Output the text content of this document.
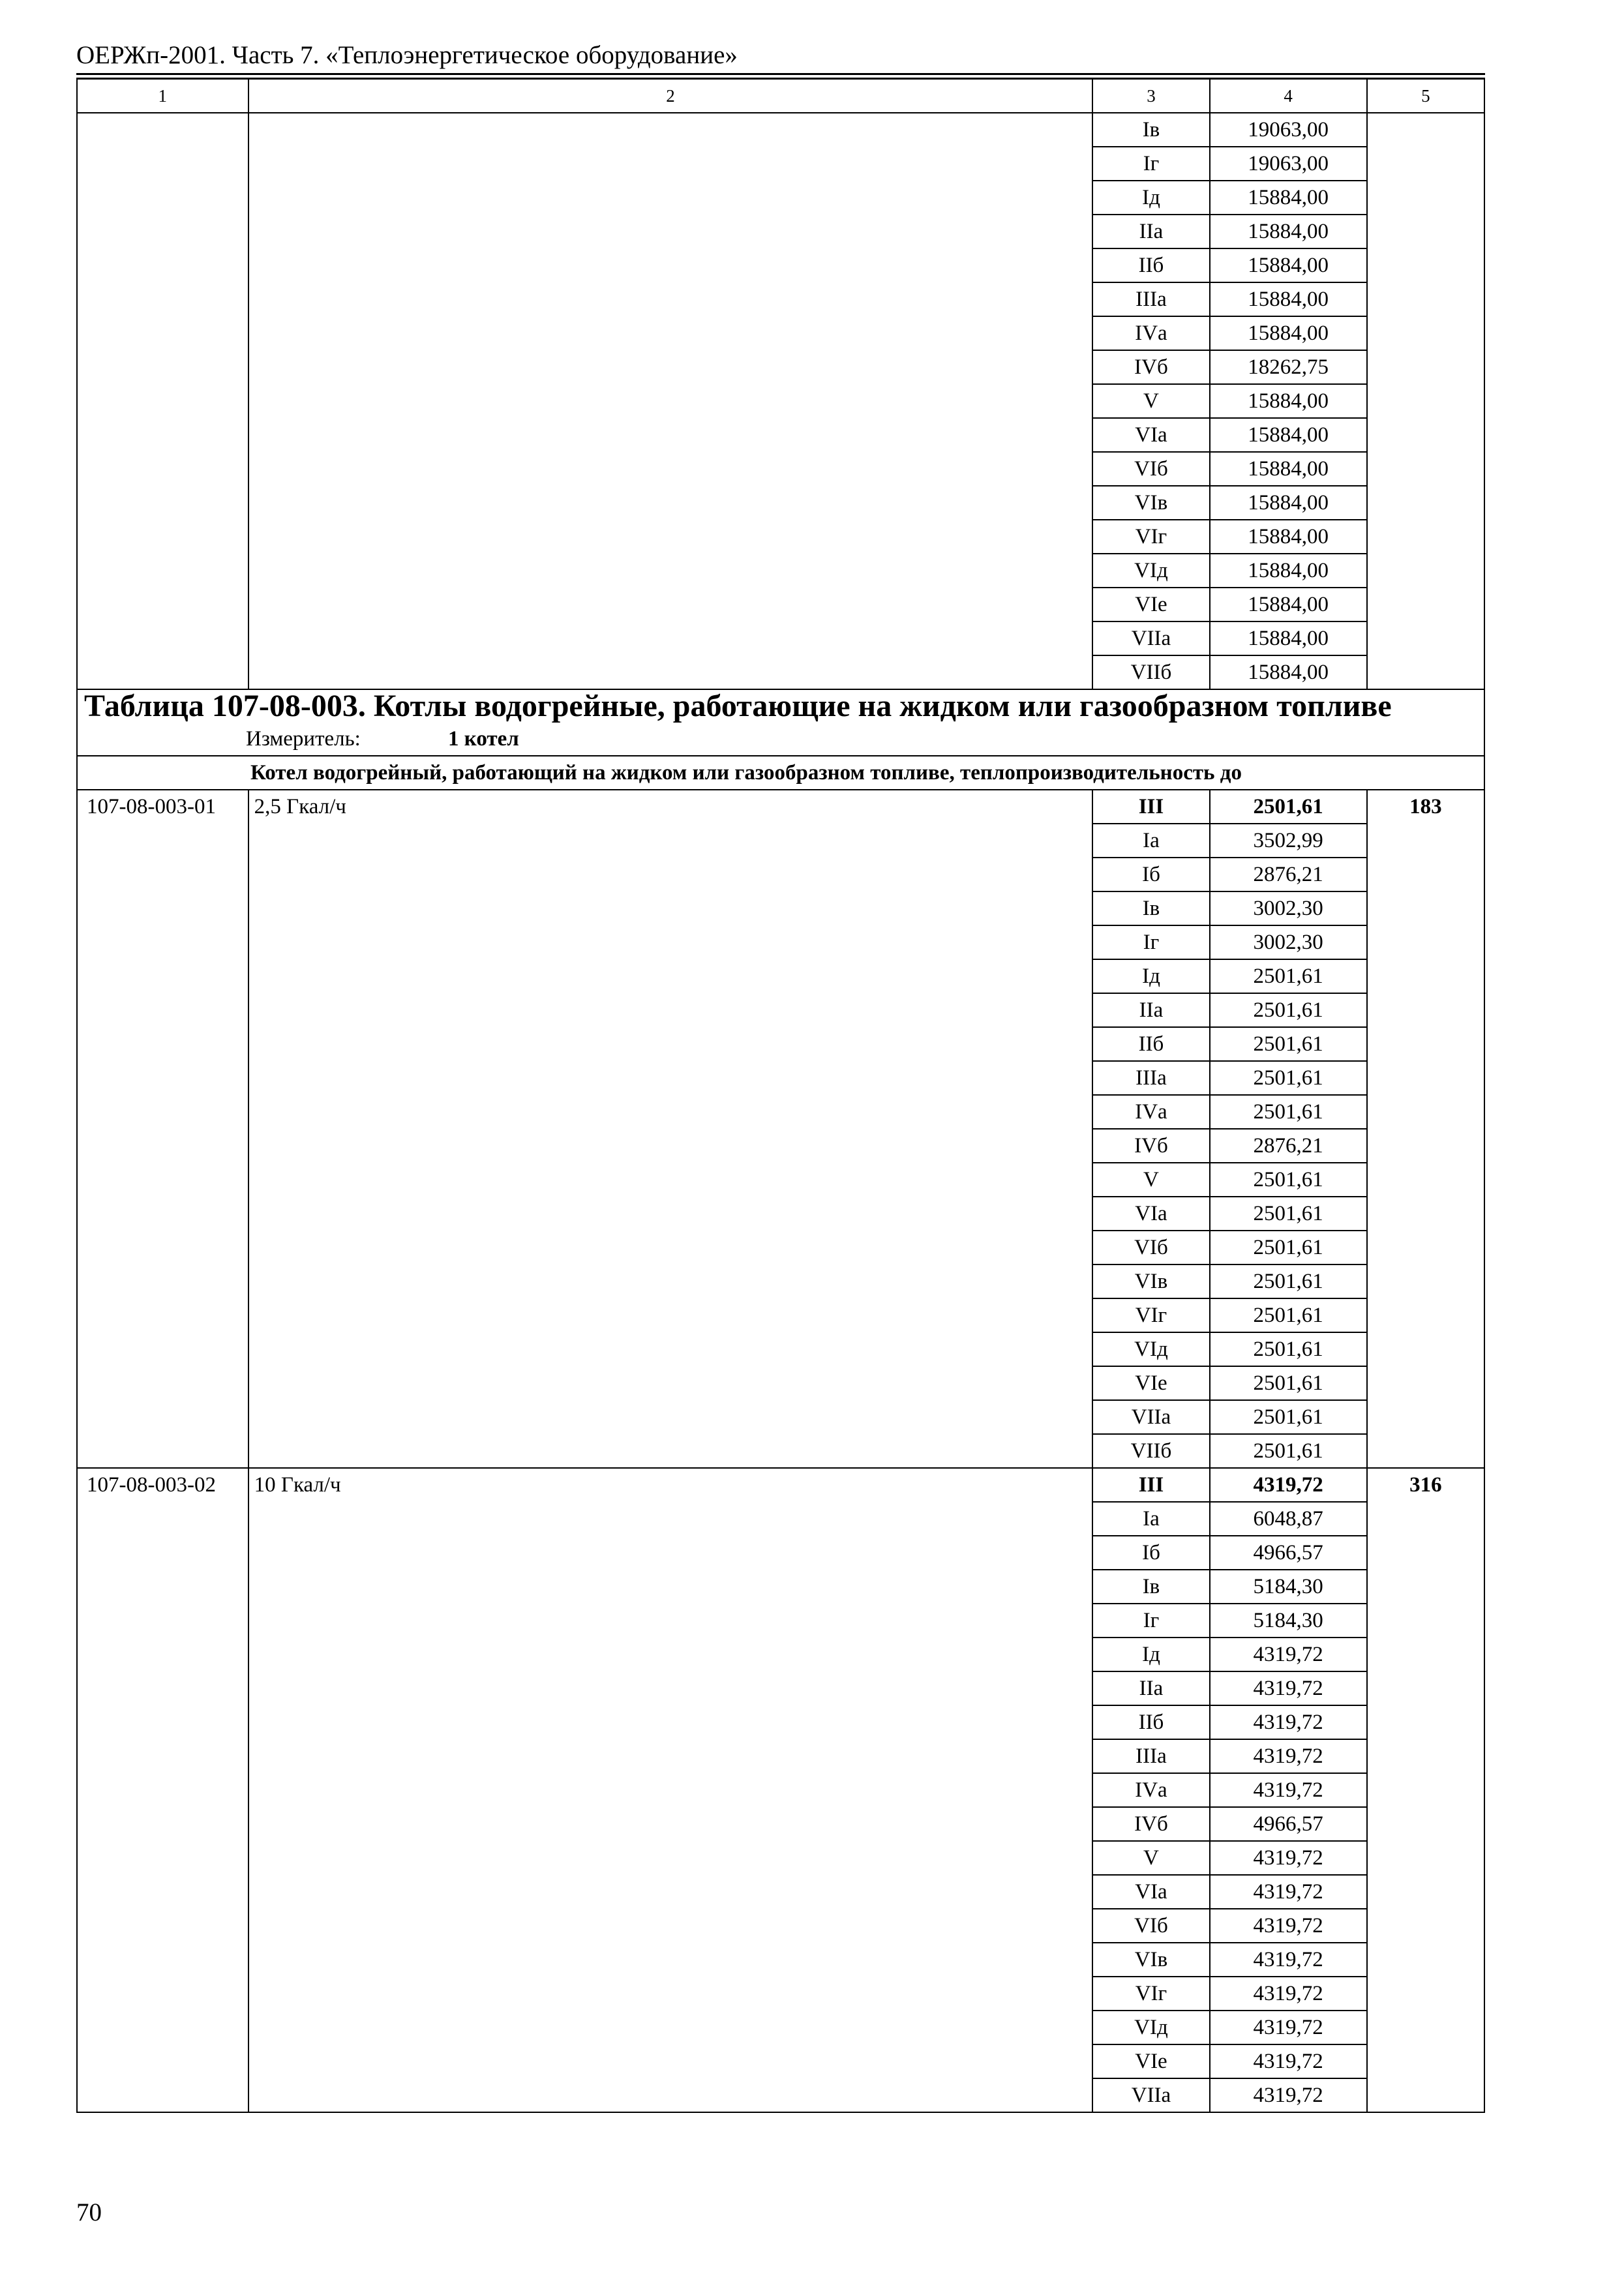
ОЕРЖп-2001. Часть 7. «Теплоэнергетическое оборудование»
1	2	3	4	5
		Iв	19063,00	
		Iг	19063,00	
		Iд	15884,00	
		IIа	15884,00	
		IIб	15884,00	
		IIIа	15884,00	
		IVа	15884,00	
		IVб	18262,75	
		V	15884,00	
		VIа	15884,00	
		VIб	15884,00	
		VIв	15884,00	
		VIг	15884,00	
		VIд	15884,00	
		VIе	15884,00	
		VIIа	15884,00	
		VIIб	15884,00	
Таблица 107-08-003. Котлы водогрейные, работающие на жидком или газообразном топливе				
Измеритель: 1 котел				
Котел водогрейный, работающий на жидком или газообразном топливе, теплопроизводительность до				
107-08-003-01	2,5 Гкал/ч	III	2501,61	183
		Iа	3502,99	
		Iб	2876,21	
		Iв	3002,30	
		Iг	3002,30	
		Iд	2501,61	
		IIа	2501,61	
		IIб	2501,61	
		IIIа	2501,61	
		IVа	2501,61	
		IVб	2876,21	
		V	2501,61	
		VIа	2501,61	
		VIб	2501,61	
		VIв	2501,61	
		VIг	2501,61	
		VIд	2501,61	
		VIе	2501,61	
		VIIа	2501,61	
		VIIб	2501,61	
107-08-003-02	10 Гкал/ч	III	4319,72	316
		Iа	6048,87	
		Iб	4966,57	
		Iв	5184,30	
		Iг	5184,30	
		Iд	4319,72	
		IIа	4319,72	
		IIб	4319,72	
		IIIа	4319,72	
		IVа	4319,72	
		IVб	4966,57	
		V	4319,72	
		VIа	4319,72	
		VIб	4319,72	
		VIв	4319,72	
		VIг	4319,72	
		VIд	4319,72	
		VIе	4319,72	
		VIIа	4319,72	
70
